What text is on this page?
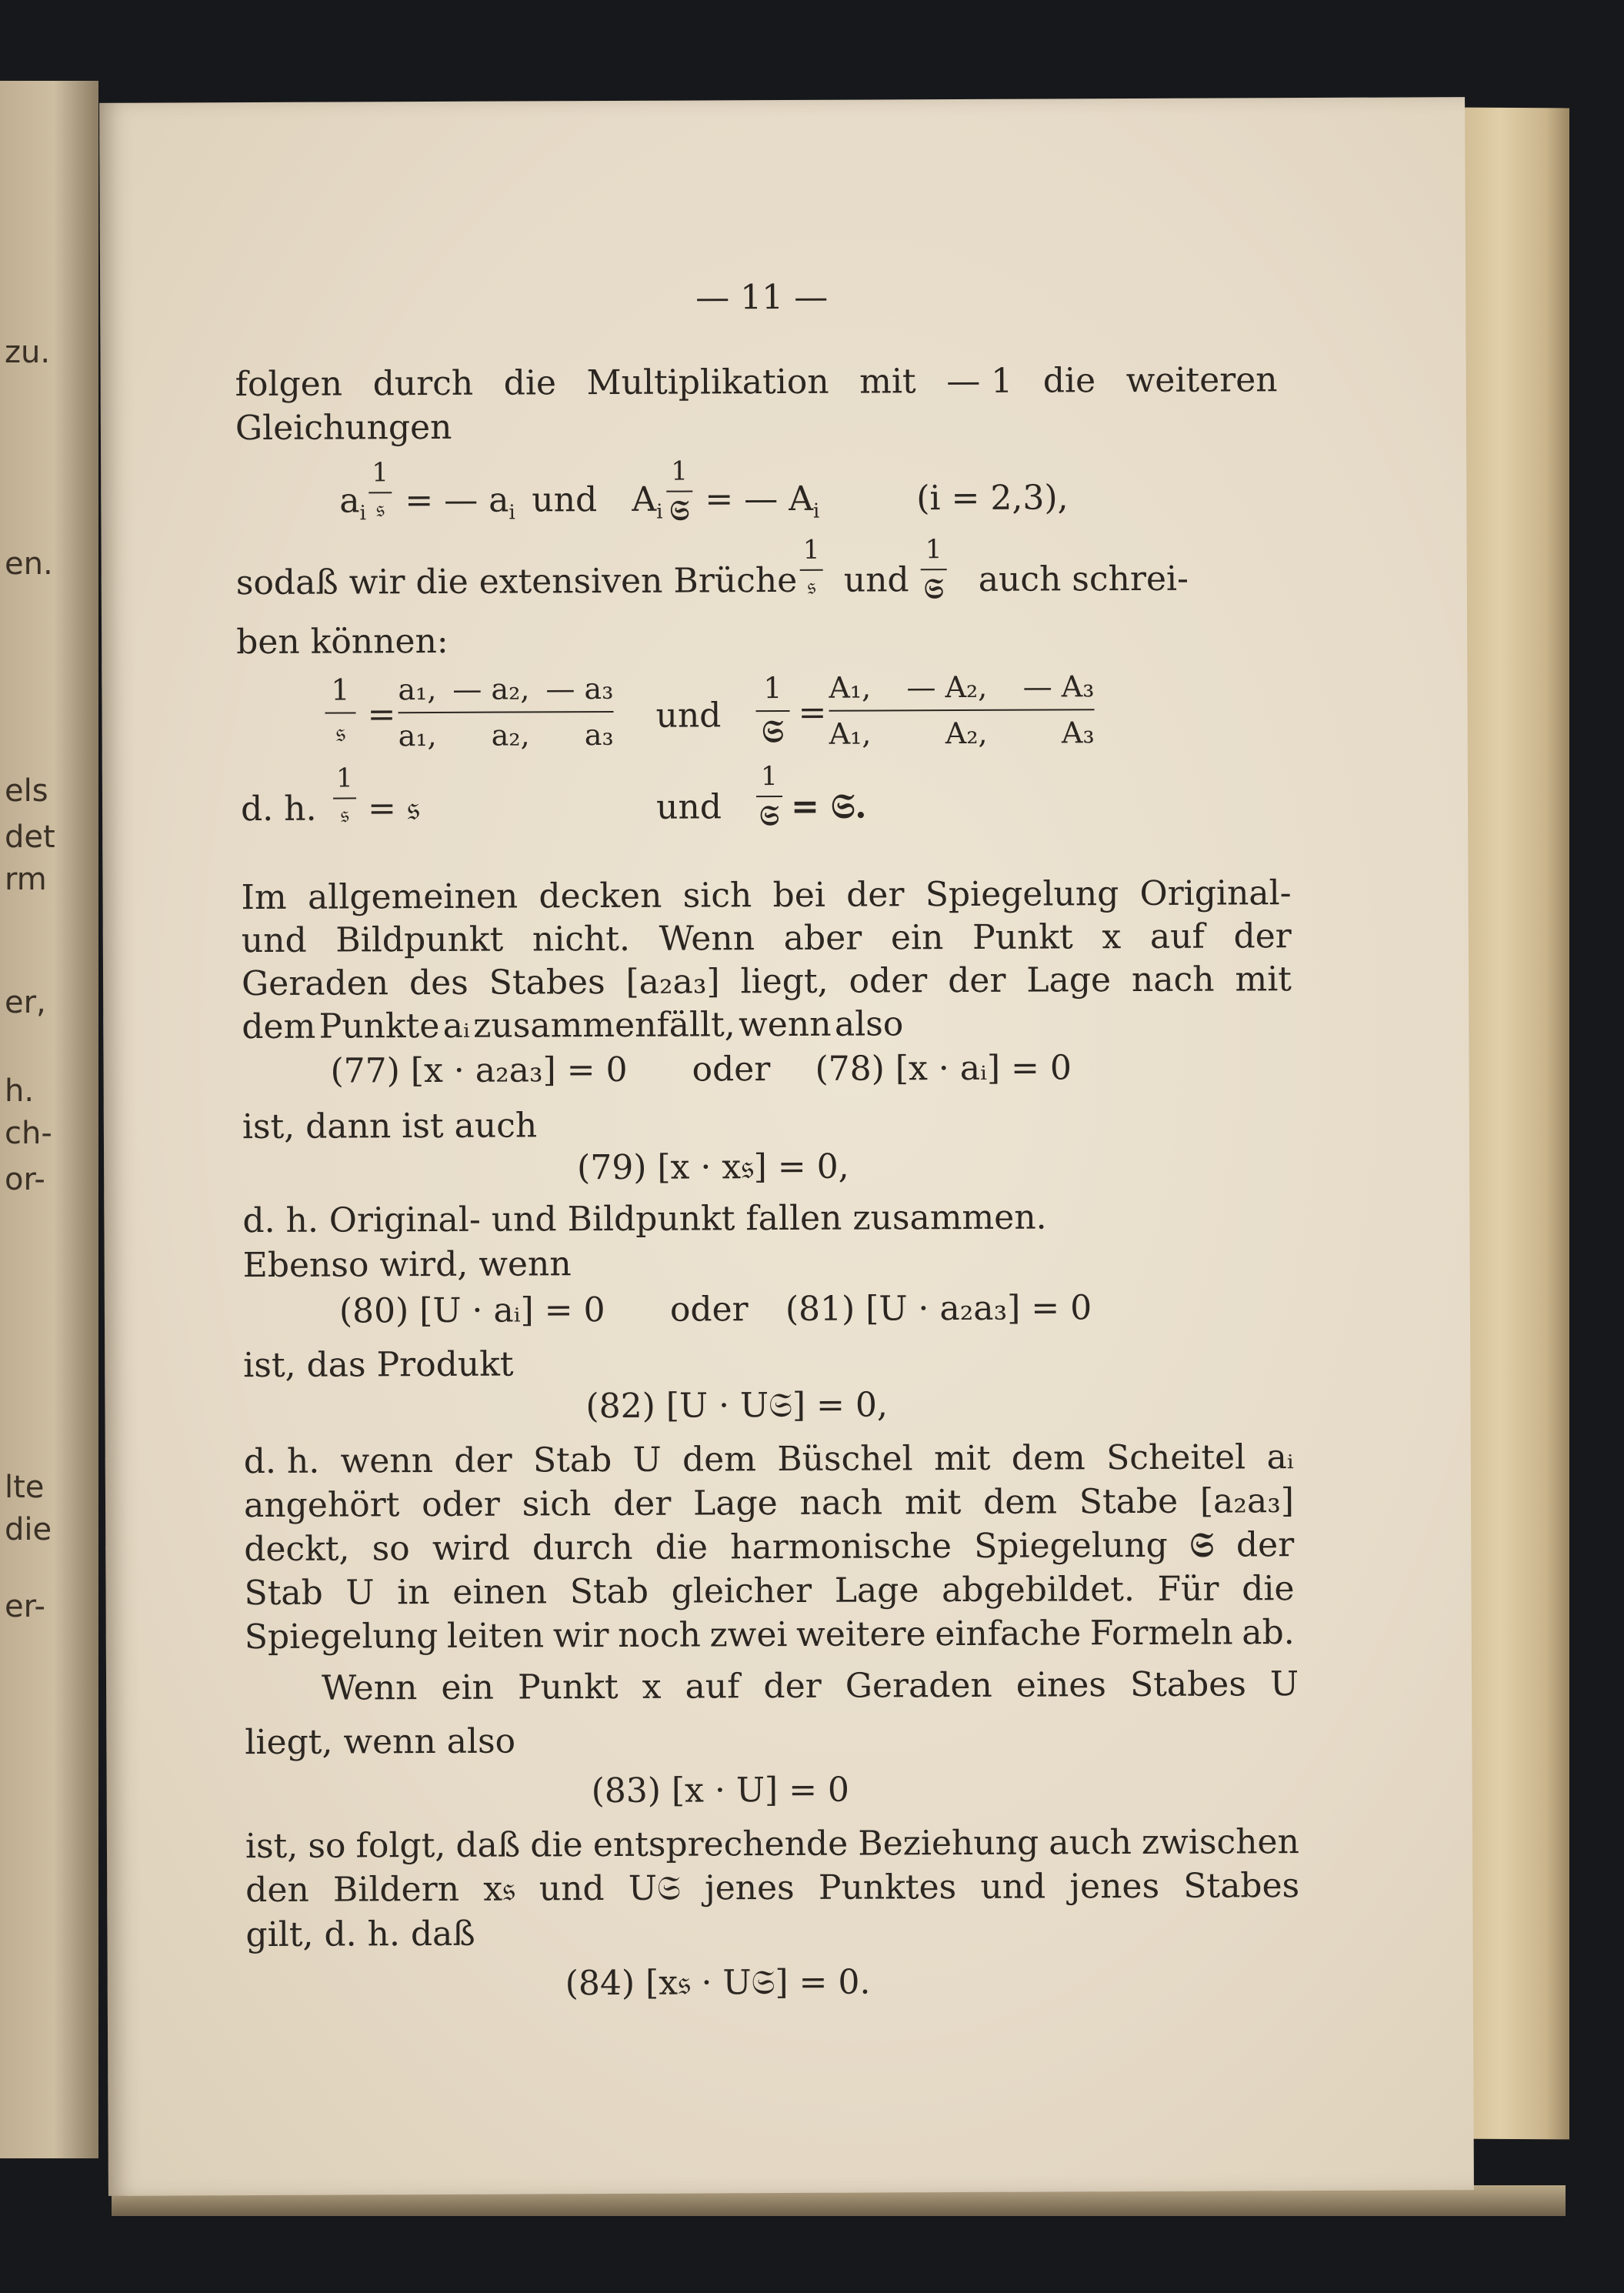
zu.
en.
els
det
rm
er,
h.
ch-
or-
lte
die
er-
— 11 —
folgen durch die Multiplikation mit — 1 die weiteren
Gleichungen
$a_i$
1
𝔰 = — $a_i$ und $A_i$
1
𝔖 = — $A_i$	(i = 2,3),
sodaß wir die extensiven Brüche
1
𝔰 und
1
𝔖 auch schrei-
ben können:
1
𝔰 =
a₁, — a₂, — a₃
a₁, a₂, a₃ und
1
𝔖 =
A₁, — A₂, — A₃
A₁,	A₂,	A₃
d. h.
1
𝔰 = 𝔰	und
1
𝔖 = 𝔖.
Im allgemeinen decken sich bei der Spiegelung Original-
und Bildpunkt nicht. Wenn aber ein Punkt x auf der
Geraden des Stabes [a₂a₃] liegt, oder der Lage nach mit
dem Punkte aᵢ zusammenfällt, wenn also
(77) [x · a₂a₃] = 0 oder (78) [x · aᵢ] = 0
ist, dann ist auch
(79) [x · x𝔰] = 0,
d. h. Original- und Bildpunkt fallen zusammen.
Ebenso wird, wenn
(80) [U · aᵢ] = 0 oder (81) [U · a₂a₃] = 0
ist, das Produkt
(82) [U · U𝔖] = 0,
d. h. wenn der Stab U dem Büschel mit dem Scheitel aᵢ
angehört oder sich der Lage nach mit dem Stabe [a₂a₃]
deckt, so wird durch die harmonische Spiegelung 𝔖 der
Stab U in einen Stab gleicher Lage abgebildet. Für die
Spiegelung leiten wir noch zwei weitere einfache Formeln ab.
Wenn ein Punkt x auf der Geraden eines Stabes U
liegt, wenn also
(83) [x · U] = 0
ist, so folgt, daß die entsprechende Beziehung auch zwischen
den Bildern x𝔰 und U𝔖 jenes Punktes und jenes Stabes
gilt, d. h. daß
(84) [x𝔰 · U𝔖] = 0.
